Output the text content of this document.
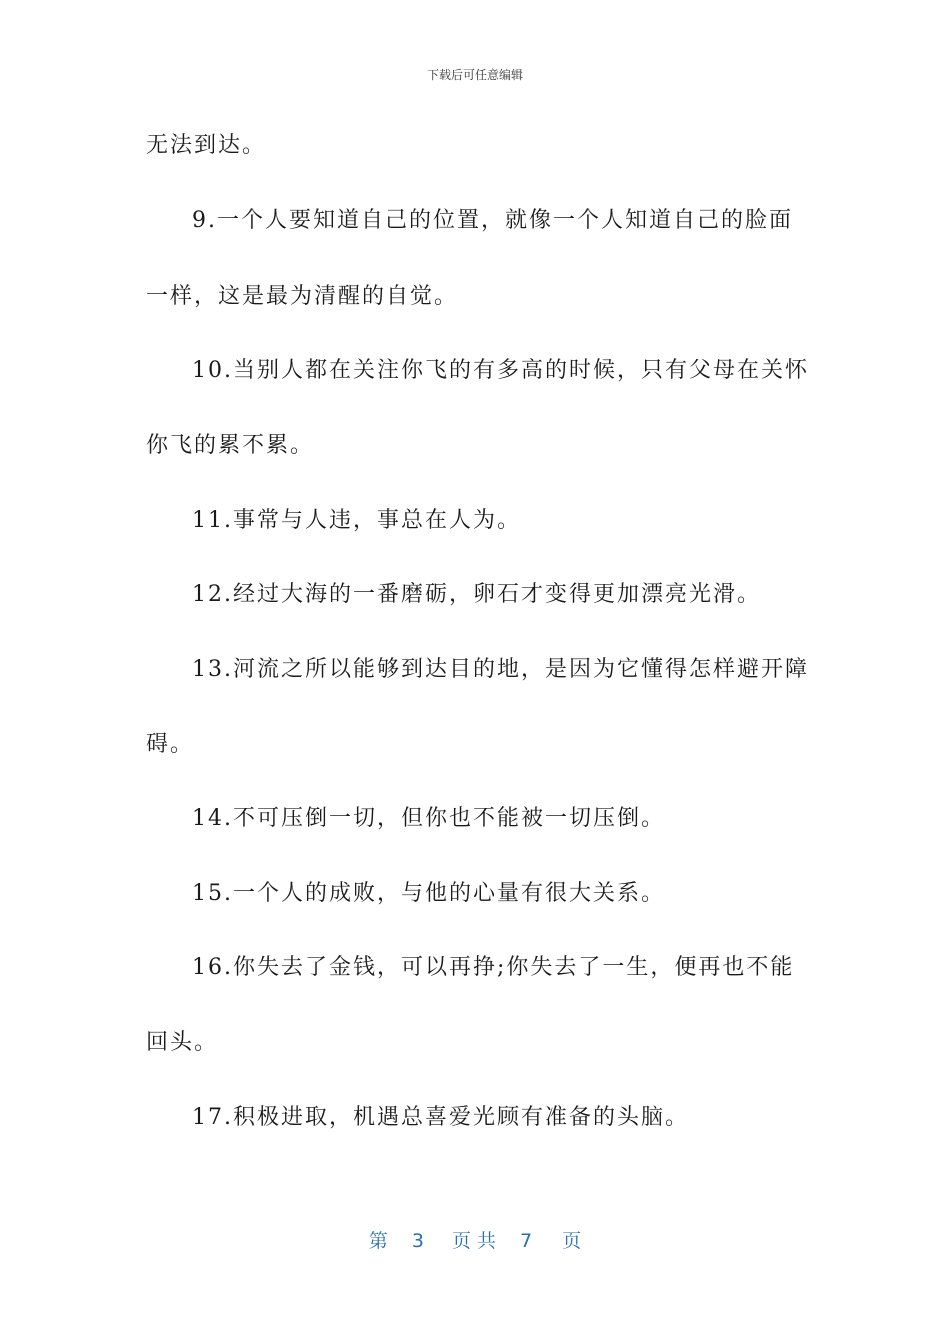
下载后可任意编辑
无法到达。
9.一个人要知道自己的位置，就像一个人知道自己的脸面
一样，这是最为清醒的自觉。
10.当别人都在关注你飞的有多高的时候，只有父母在关怀
你飞的累不累。
11.事常与人违，事总在人为。
12.经过大海的一番磨砺，卵石才变得更加漂亮光滑。
13.河流之所以能够到达目的地，是因为它懂得怎样避开障
碍。
14.不可压倒一切，但你也不能被一切压倒。
15.一个人的成败，与他的心量有很大关系。
16.你失去了金钱，可以再挣;你失去了一生，便再也不能
回头。
17.积极进取，机遇总喜爱光顾有准备的头脑。
第 3 页共 7 页
